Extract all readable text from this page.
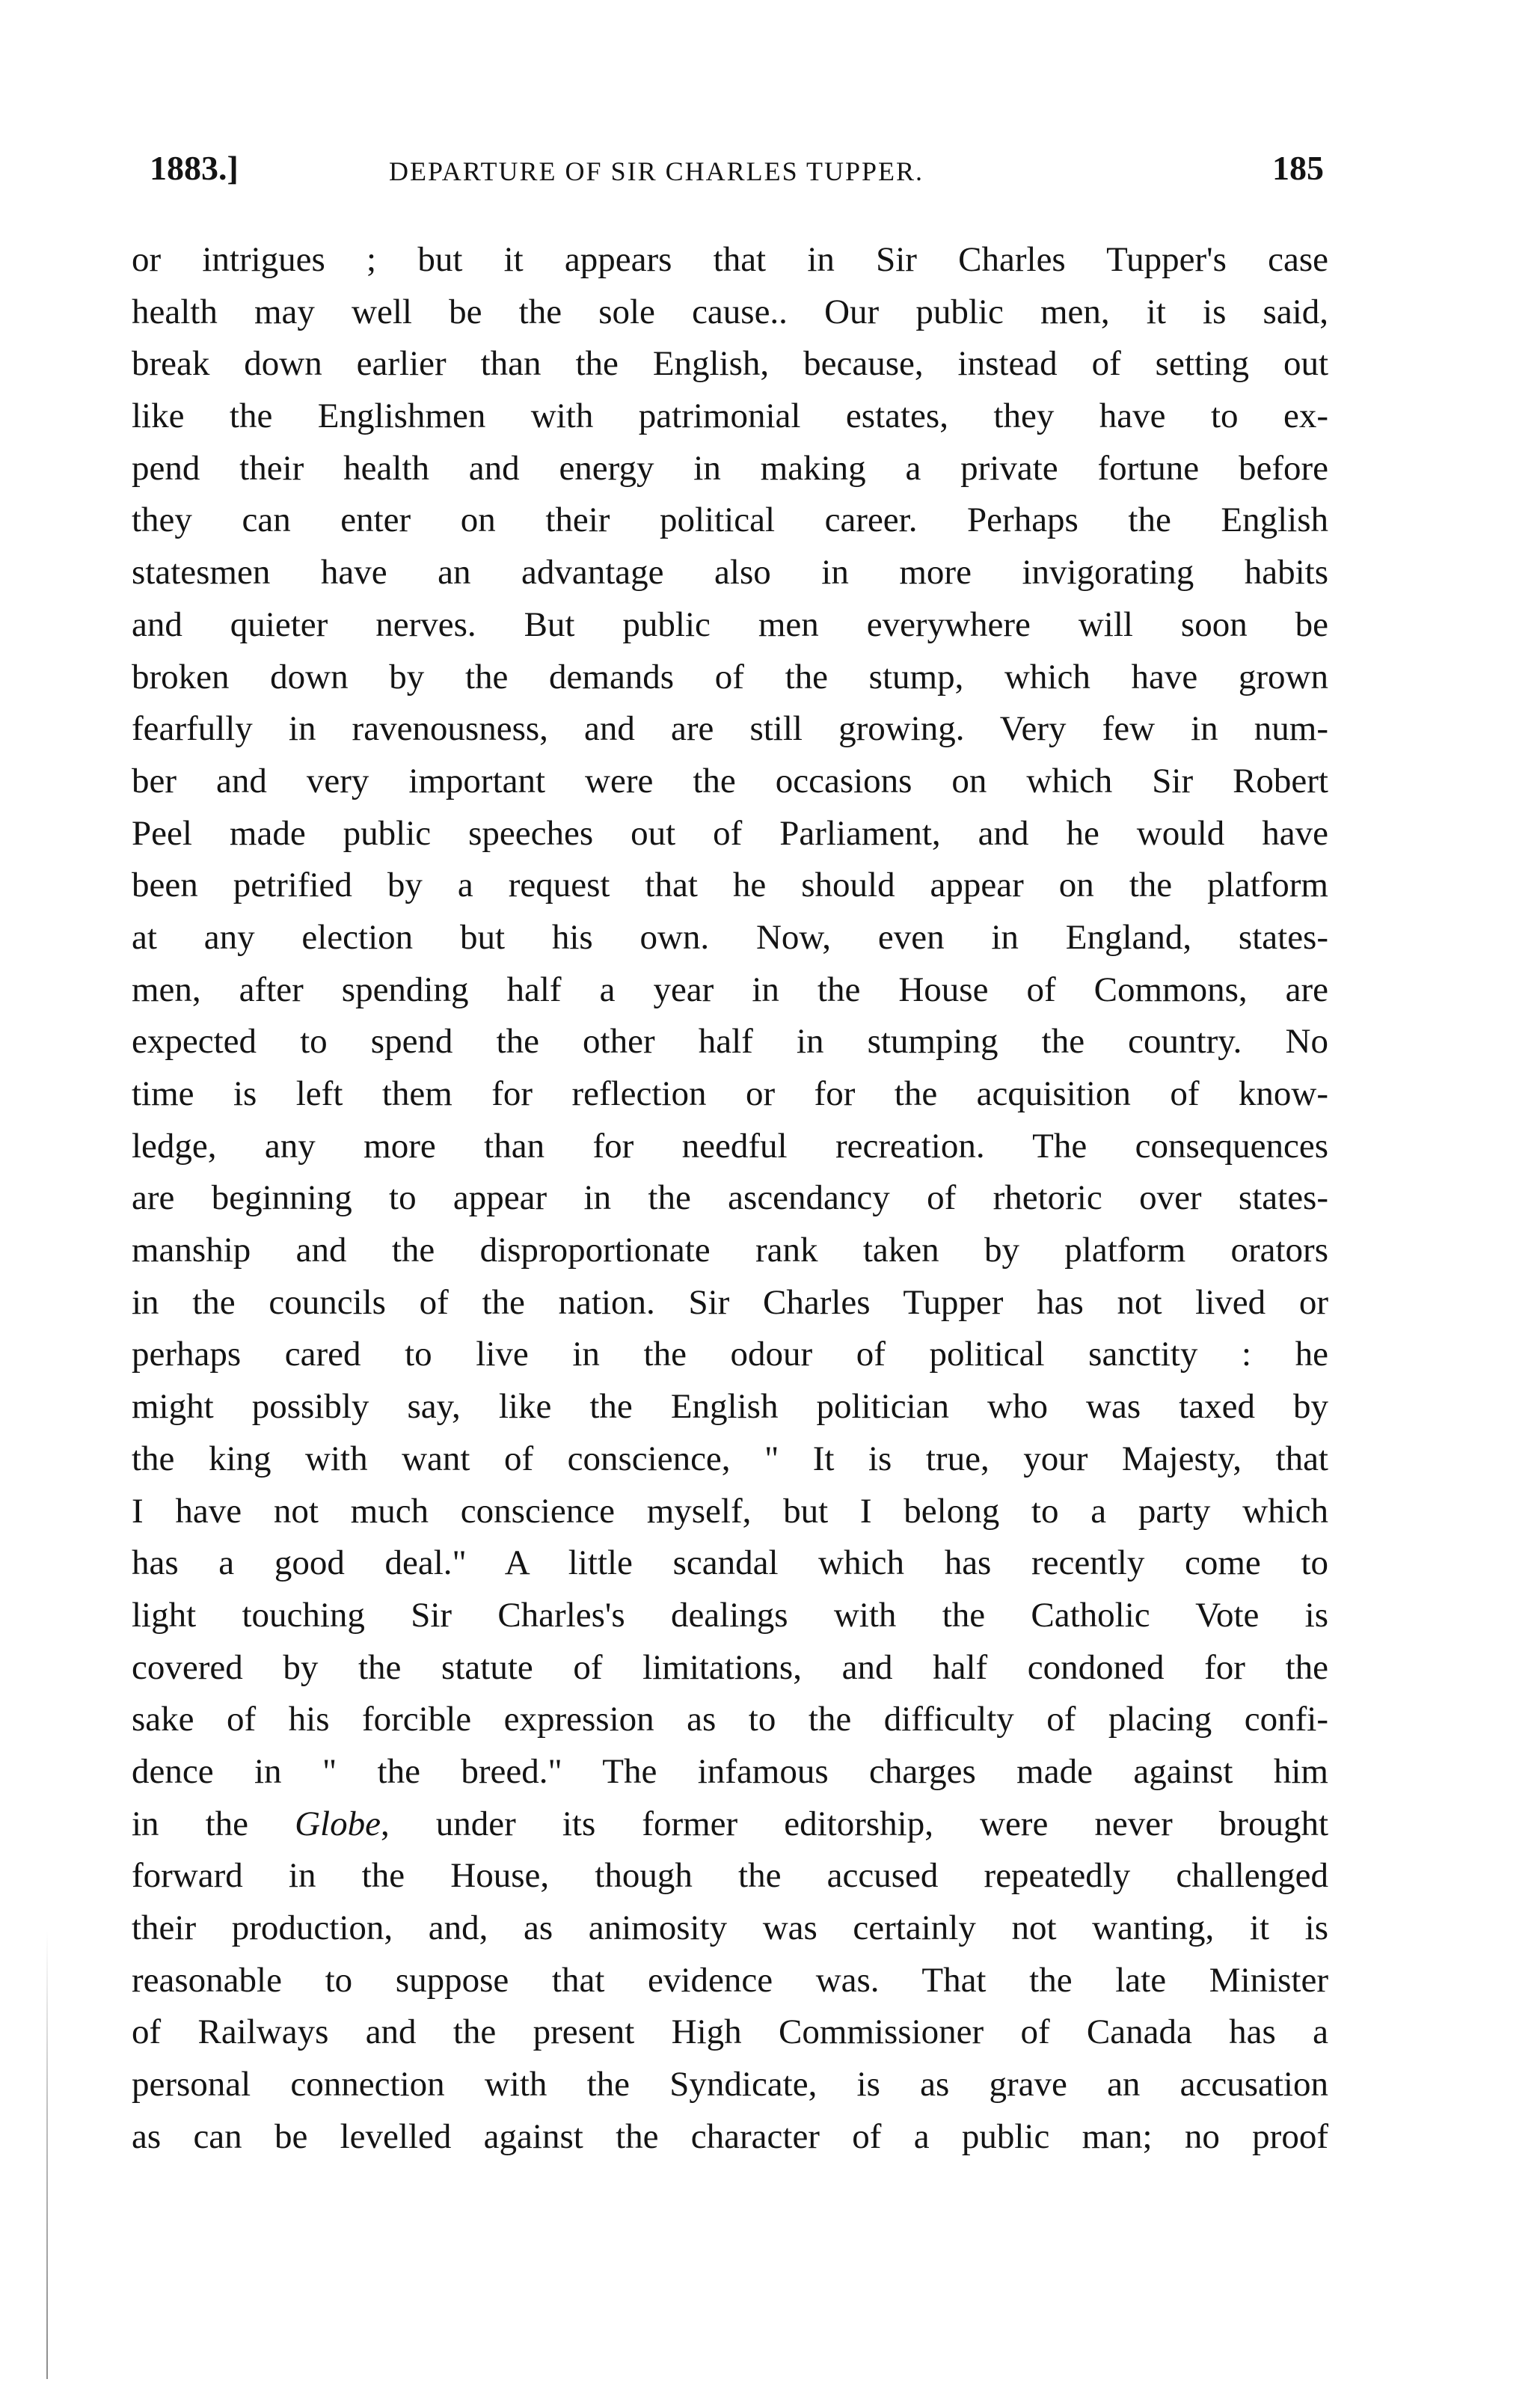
1883.]	DEPARTURE OF SIR CHARLES TUPPER.	185
or intrigues ; but it appears that in Sir Charles Tupper's case
health may well be the sole cause.. Our public men, it is said,
break down earlier than the English, because, instead of setting out
like the Englishmen with patrimonial estates, they have to ex-
pend their health and energy in making a private fortune before
they can enter on their political career. Perhaps the English
statesmen have an advantage also in more invigorating habits
and quieter nerves. But public men everywhere will soon be
broken down by the demands of the stump, which have grown
fearfully in ravenousness, and are still growing. Very few in num-
ber and very important were the occasions on which Sir Robert
Peel made public speeches out of Parliament, and he would have
been petrified by a request that he should appear on the platform
at any election but his own. Now, even in England, states-
men, after spending half a year in the House of Commons, are
expected to spend the other half in stumping the country. No
time is left them for reflection or for the acquisition of know-
ledge, any more than for needful recreation. The consequences
are beginning to appear in the ascendancy of rhetoric over states-
manship and the disproportionate rank taken by platform orators
in the councils of the nation. Sir Charles Tupper has not lived or
perhaps cared to live in the odour of political sanctity : he
might possibly say, like the English politician who was taxed by
the king with want of conscience, " It is true, your Majesty, that
I have not much conscience myself, but I belong to a party which
has a good deal." A little scandal which has recently come to
light touching Sir Charles's dealings with the Catholic Vote is
covered by the statute of limitations, and half condoned for the
sake of his forcible expression as to the difficulty of placing confi-
dence in " the breed." The infamous charges made against him
in the Globe, under its former editorship, were never brought
forward in the House, though the accused repeatedly challenged
their production, and, as animosity was certainly not wanting, it is
reasonable to suppose that evidence was. That the late Minister
of Railways and the present High Commissioner of Canada has a
personal connection with the Syndicate, is as grave an accusation
as can be levelled against the character of a public man; no proof
